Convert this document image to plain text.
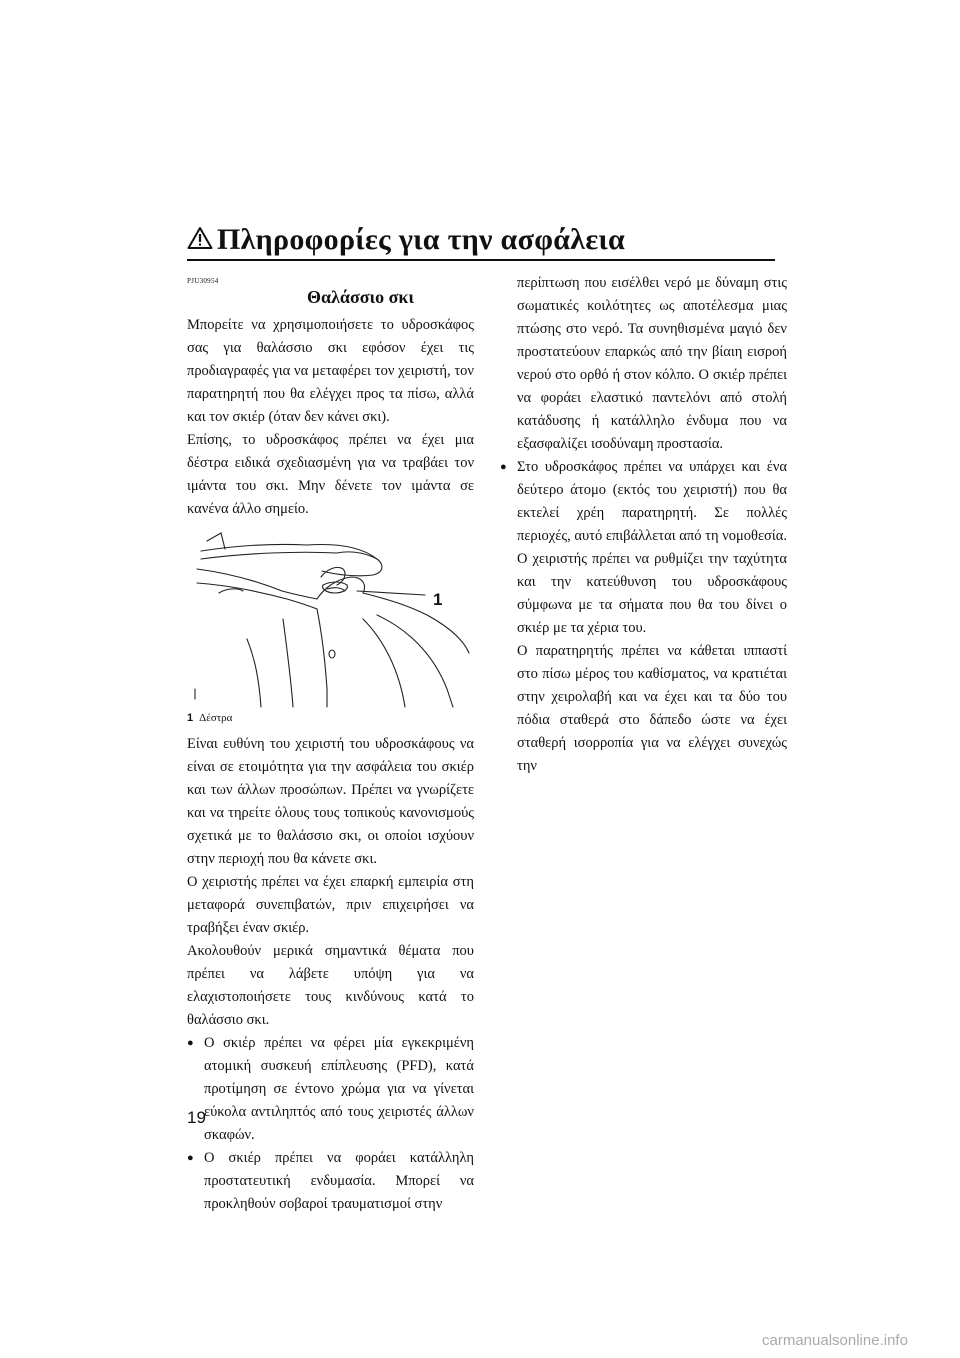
Πληροφορίες για την ασφάλεια
PJU30954
Θαλάσσιο σκι

Μπορείτε να χρησιμοποιήσετε το υδροσκάφος σας για θαλάσσιο σκι εφόσον έχει τις προδιαγραφές για να μεταφέρει τον χειριστή, τον παρατηρητή που θα ελέγχει προς τα πίσω, αλλά και τον σκιέρ (όταν δεν κάνει σκι).

Επίσης, το υδροσκάφος πρέπει να έχει μια δέστρα ειδικά σχεδιασμένη για να τραβάει τον ιμάντα του σκι. Μην δένετε τον ιμάντα σε κανένα άλλο σημείο.

1
1 Δέστρα

Είναι ευθύνη του χειριστή του υδροσκάφους να είναι σε ετοιμότητα για την ασφάλεια του σκιέρ και των άλλων προσώπων. Πρέπει να γνωρίζετε και να τηρείτε όλους τους τοπικούς κανονισμούς σχετικά με το θαλάσσιο σκι, οι οποίοι ισχύουν στην περιοχή που θα κάνετε σκι.

Ο χειριστής πρέπει να έχει επαρκή εμπειρία στη μεταφορά συνεπιβατών, πριν επιχειρήσει να τραβήξει έναν σκιέρ.

Ακολουθούν μερικά σημαντικά θέματα που πρέπει να λάβετε υπόψη για να ελαχιστοποιήσετε τους κινδύνους κατά το θαλάσσιο σκι.

● Ο σκιέρ πρέπει να φέρει μία εγκεκριμένη ατομική συσκευή επίπλευσης (PFD), κατά προτίμηση σε έντονο χρώμα για να γίνεται εύκολα αντιληπτός από τους χειριστές άλλων σκαφών.

● Ο σκιέρ πρέπει να φοράει κατάλληλη προστατευτική ενδυμασία. Μπορεί να προκληθούν σοβαροί τραυματισμοί στην

περίπτωση που εισέλθει νερό με δύναμη στις σωματικές κοιλότητες ως αποτέλεσμα μιας πτώσης στο νερό. Τα συνηθισμένα μαγιό δεν προστατεύουν επαρκώς από την βίαιη εισροή νερού στο ορθό ή στον κόλπο. Ο σκιέρ πρέπει να φοράει ελαστικό παντελόνι από στολή κατάδυσης ή κατάλληλο ένδυμα που να εξασφαλίζει ισοδύναμη προστασία.

● Στο υδροσκάφος πρέπει να υπάρχει και ένα δεύτερο άτομο (εκτός του χειριστή) που θα εκτελεί χρέη παρατηρητή. Σε πολλές περιοχές, αυτό επιβάλλεται από τη νομοθεσία. Ο χειριστής πρέπει να ρυθμίζει την ταχύτητα και την κατεύθυνση του υδροσκάφους σύμφωνα με τα σήματα που θα του δίνει ο σκιέρ με τα χέρια του.

Ο παρατηρητής πρέπει να κάθεται ιππαστί στο πίσω μέρος του καθίσματος, να κρατιέται στην χειρολαβή και να έχει και τα δύο του πόδια σταθερά στο δάπεδο ώστε να έχει σταθερή ισορροπία για να ελέγχει συνεχώς την

19
carmanualsonline.info
